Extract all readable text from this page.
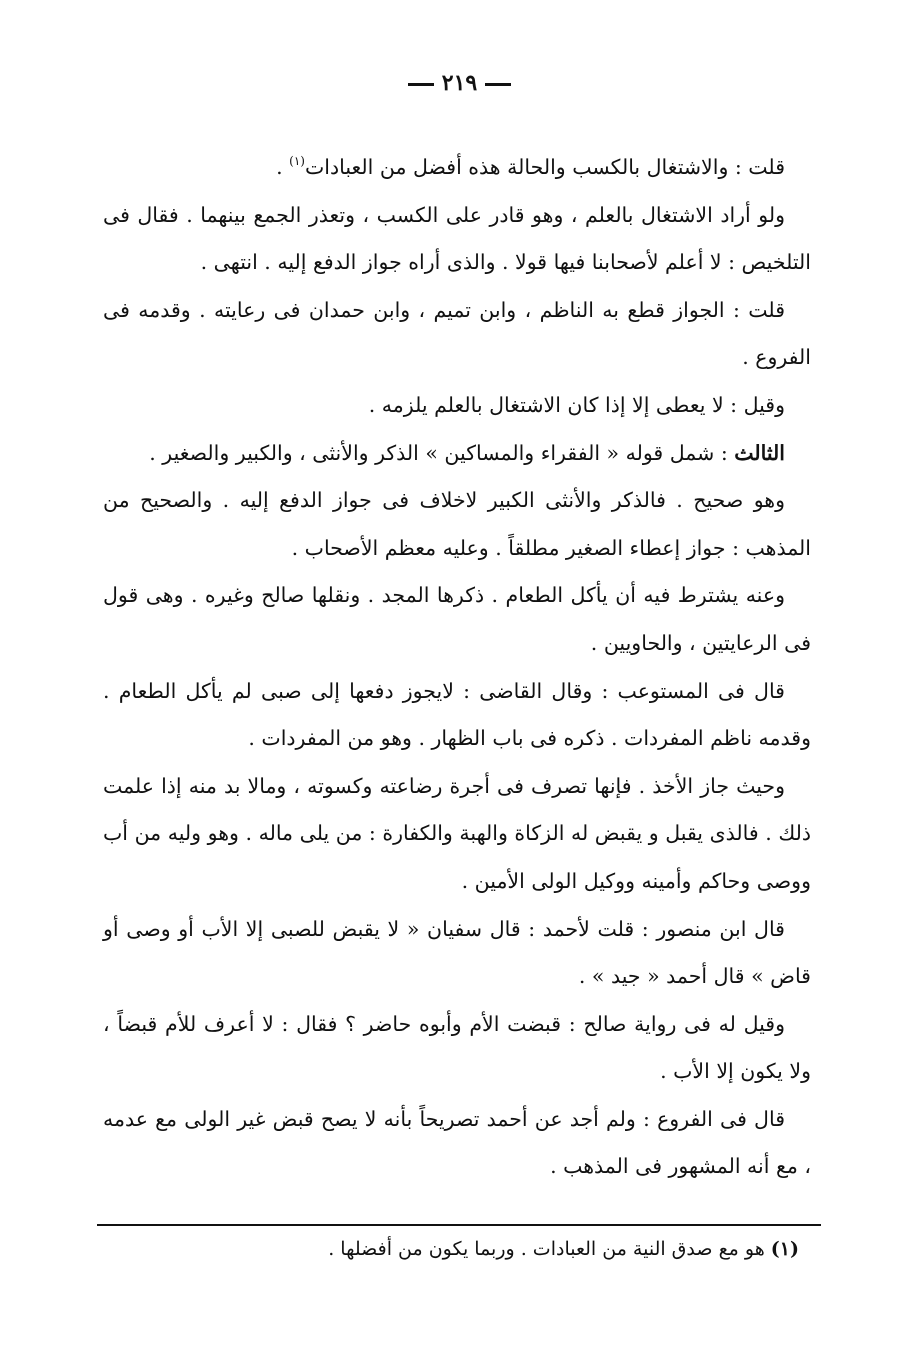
٢١٩

قلت : والاشتغال بالكسب والحالة هذه أفضل من العبادات$^{(١)}$ .

ولو أراد الاشتغال بالعلم ، وهو قادر على الكسب ، وتعذر الجمع بينهما . فقال فى التلخيص : لا أعلم لأصحابنا فيها قولا . والذى أراه جواز الدفع إليه . انتهى .

قلت : الجواز قطع به الناظم ، وابن تميم ، وابن حمدان فى رعايته . وقدمه فى الفروع .

وقيل : لا يعطى إلا إذا كان الاشتغال بالعلم يلزمه .

الثالث : شمل قوله « الفقراء والمساكين » الذكر والأنثى ، والكبير والصغير .

وهو صحيح . فالذكر والأنثى الكبير لاخلاف فى جواز الدفع إليه . والصحيح من المذهب : جواز إعطاء الصغير مطلقاً . وعليه معظم الأصحاب .

وعنه يشترط فيه أن يأكل الطعام . ذكرها المجد . ونقلها صالح وغيره . وهى قول فى الرعايتين ، والحاويين .

قال فى المستوعب : وقال القاضى : لايجوز دفعها إلى صبى لم يأكل الطعام . وقدمه ناظم المفردات . ذكره فى باب الظهار . وهو من المفردات .

وحيث جاز الأخذ . فإنها تصرف فى أجرة رضاعته وكسوته ، ومالا بد منه إذا علمت ذلك . فالذى يقبل و يقبض له الزكاة والهبة والكفارة : من يلى ماله . وهو وليه من أب ووصى وحاكم وأمينه ووكيل الولى الأمين .

قال ابن منصور : قلت لأحمد : قال سفيان « لا يقبض للصبى إلا الأب أو وصى أو قاض » قال أحمد « جيد » .

وقيل له فى رواية صالح : قبضت الأم وأبوه حاضر ؟ فقال : لا أعرف للأم قبضاً ، ولا يكون إلا الأب .

قال فى الفروع : ولم أجد عن أحمد تصريحاً بأنه لا يصح قبض غير الولى مع عدمه ، مع أنه المشهور فى المذهب .

(١) هو مع صدق النية من العبادات . وربما يكون من أفضلها .
